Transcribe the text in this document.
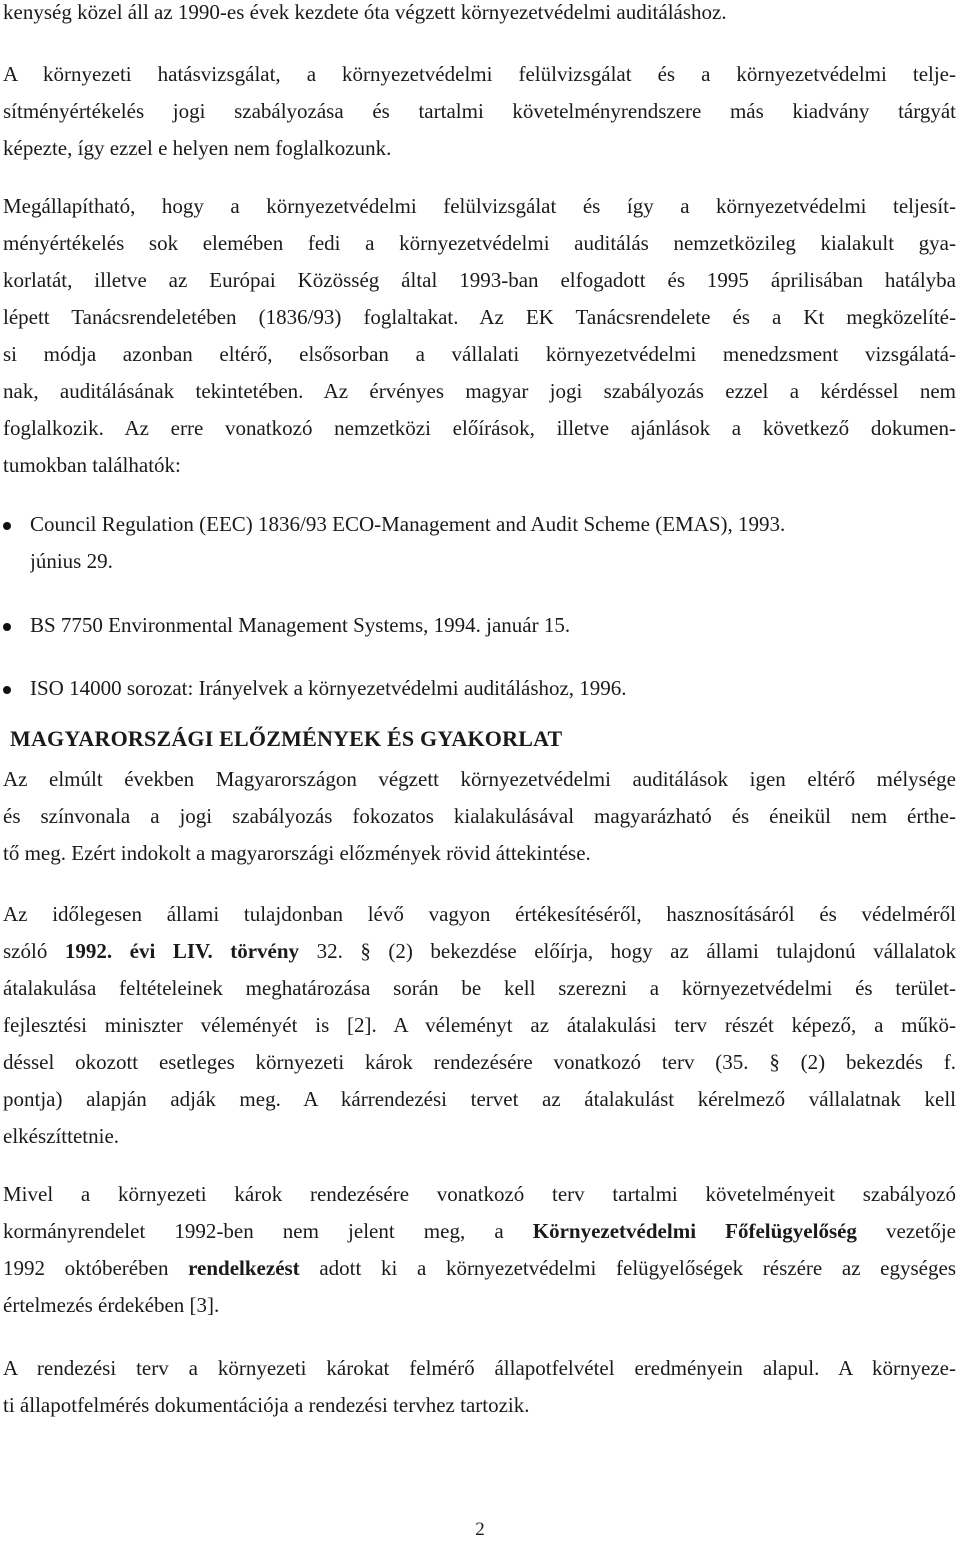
kenység közel áll az 1990-es évek kezdete óta végzett környezetvédelmi auditáláshoz.

A környezeti hatásvizsgálat, a környezetvédelmi felülvizsgálat és a környezetvédelmi telje-
sítményértékelés jogi szabályozása és tartalmi követelményrendszere más kiadvány tárgyát
képezte, így ezzel e helyen nem foglalkozunk.

Megállapítható, hogy a környezetvédelmi felülvizsgálat és így a környezetvédelmi teljesít-
ményértékelés sok elemében fedi a környezetvédelmi auditálás nemzetközileg kialakult gya-
korlatát, illetve az Európai Közösség által 1993-ban elfogadott és 1995 áprilisában hatályba
lépett Tanácsrendeletében (1836/93) foglaltakat. Az EK Tanácsrendelete és a Kt megközelíté-
si módja azonban eltérő, elsősorban a vállalati környezetvédelmi menedzsment vizsgálatá-
nak, auditálásának tekintetében. Az érvényes magyar jogi szabályozás ezzel a kérdéssel nem
foglalkozik. Az erre vonatkozó nemzetközi előírások, illetve ajánlások a következő dokumen-
tumokban találhatók:

Council Regulation (EEC) 1836/93 ECO-Management and Audit Scheme (EMAS), 1993.
június 29.
BS 7750 Environmental Management Systems, 1994. január 15.
ISO 14000 sorozat: Irányelvek a környezetvédelmi auditáláshoz, 1996.
MAGYARORSZÁGI ELŐZMÉNYEK ÉS GYAKORLAT

Az elmúlt években Magyarországon végzett környezetvédelmi auditálások igen eltérő mélysége
és színvonala a jogi szabályozás fokozatos kialakulásával magyarázható és éneikül nem érthe-
tő meg. Ezért indokolt a magyarországi előzmények rövid áttekintése.

Az időlegesen állami tulajdonban lévő vagyon értékesítéséről, hasznosításáról és védelméről
szóló 1992. évi LIV. törvény 32. § (2) bekezdése előírja, hogy az állami tulajdonú vállalatok
átalakulása feltételeinek meghatározása során be kell szerezni a környezetvédelmi és terület-
fejlesztési miniszter véleményét is [2]. A véleményt az átalakulási terv részét képező, a műkö-
déssel okozott esetleges környezeti károk rendezésére vonatkozó terv (35. § (2) bekezdés f.
pontja) alapján adják meg. A kárrendezési tervet az átalakulást kérelmező vállalatnak kell
elkészíttetnie.

Mivel a környezeti károk rendezésére vonatkozó terv tartalmi követelményeit szabályozó
kormányrendelet 1992-ben nem jelent meg, a Környezetvédelmi Főfelügyelőség vezetője
1992 októberében rendelkezést adott ki a környezetvédelmi felügyelőségek részére az egységes
értelmezés érdekében [3].

A rendezési terv a környezeti károkat felmérő állapotfelvétel eredményein alapul. A környeze-
ti állapotfelmérés dokumentációja a rendezési tervhez tartozik.

2
